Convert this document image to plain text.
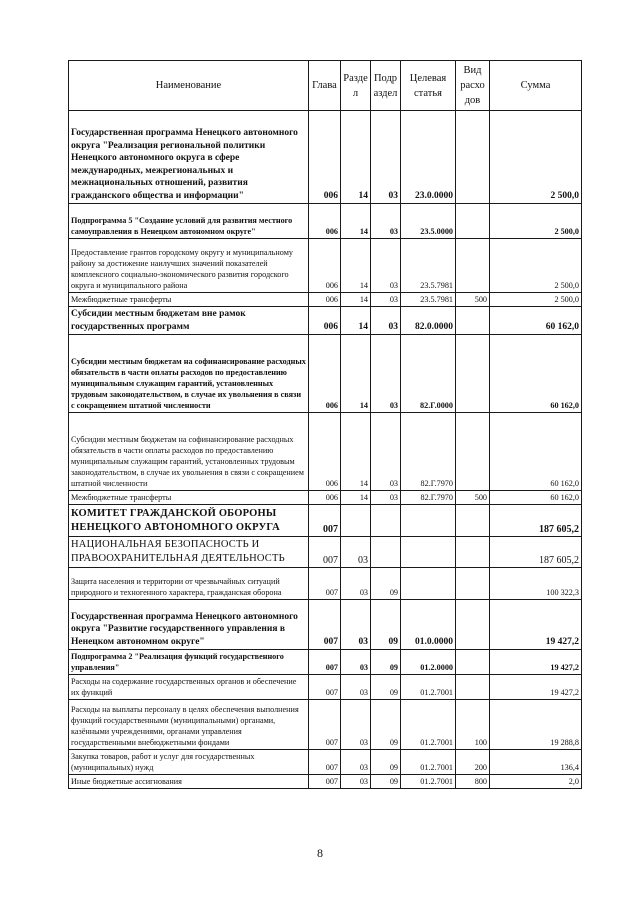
Наименование	Глава	Разде л	Подр аздел	Целевая статья	Вид расхо дов	Сумма
Государственная программа Ненецкого автономного округа "Реализация региональной политики Ненецкого автономного округа в сфере международных, межрегиональных и межнациональных отношений, развития гражданского общества и информации"	006	14	03	23.0.0000		2 500,0
Подпрограмма 5 "Создание условий для развития местного самоуправления в Ненецком автономном округе"	006	14	03	23.5.0000		2 500,0
Предоставление грантов городскому округу и муниципальному району за достижение наилучших значений показателей комплексного социально-экономического развития городского округа и муниципального района	006	14	03	23.5.7981		2 500,0
Межбюджетные трансферты	006	14	03	23.5.7981	500	2 500,0
Субсидии местным бюджетам вне рамок государственных программ	006	14	03	82.0.0000		60 162,0
Субсидии местным бюджетам на софинансирование расходных обязательств в части оплаты расходов по предоставлению муниципальным служащим гарантий, установленных трудовым законодательством, в случае их увольнения в связи с сокращением штатной численности	006	14	03	82.Г.0000		60 162,0
Субсидии местным бюджетам на софинансирование расходных обязательств в части оплаты расходов по предоставлению муниципальным служащим гарантий, установленных трудовым законодательством, в случае их увольнения в связи с сокращением штатной численности	006	14	03	82.Г.7970		60 162,0
Межбюджетные трансферты	006	14	03	82.Г.7970	500	60 162,0
КОМИТЕТ ГРАЖДАНСКОЙ ОБОРОНЫ НЕНЕЦКОГО АВТОНОМНОГО ОКРУГА	007					187 605,2
НАЦИОНАЛЬНАЯ БЕЗОПАСНОСТЬ И ПРАВООХРАНИТЕЛЬНАЯ ДЕЯТЕЛЬНОСТЬ	007	03				187 605,2
Защита населения и территории от чрезвычайных ситуаций природного и техногенного характера, гражданская оборона	007	03	09			100 322,3
Государственная программа Ненецкого автономного округа "Развитие государственного управления в Ненецком автономном округе"	007	03	09	01.0.0000		19 427,2
Подпрограмма 2 "Реализация функций государственного управления"	007	03	09	01.2.0000		19 427,2
Расходы на содержание государственных органов и обеспечение их функций	007	03	09	01.2.7001		19 427,2
Расходы на выплаты персоналу в целях обеспечения выполнения функций государственными (муниципальными) органами, казёнными учреждениями, органами управления государственными внебюджетными фондами	007	03	09	01.2.7001	100	19 288,8
Закупка товаров, работ и услуг для государственных (муниципальных) нужд	007	03	09	01.2.7001	200	136,4
Иные бюджетные ассигнования	007	03	09	01.2.7001	800	2,0
8
